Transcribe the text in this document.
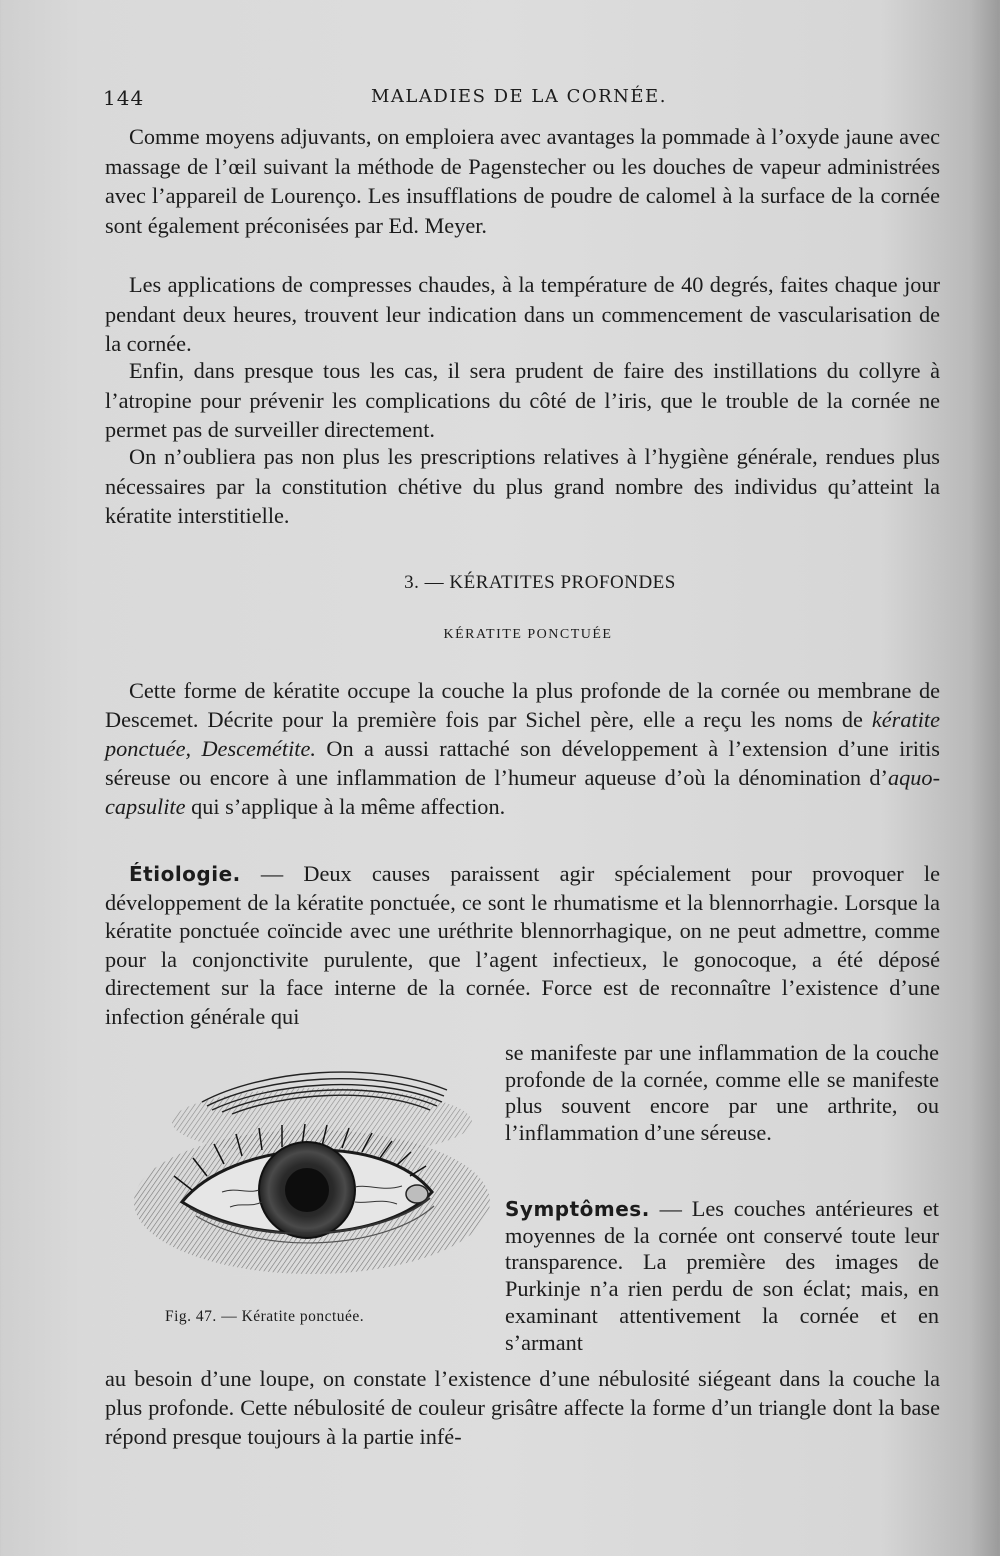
144	MALADIES DE LA CORNÉE.

Comme moyens adjuvants, on emploiera avec avantages la pommade à l’oxyde jaune avec massage de l’œil suivant la méthode de Pagenstecher ou les douches de vapeur administrées avec l’appareil de Lourenço. Les insufflations de poudre de calomel à la surface de la cornée sont également préconisées par Ed. Meyer.

Les applications de compresses chaudes, à la température de 40 degrés, faites chaque jour pendant deux heures, trouvent leur indication dans un commencement de vascularisation de la cornée.

Enfin, dans presque tous les cas, il sera prudent de faire des instillations du collyre à l’atropine pour prévenir les complications du côté de l’iris, que le trouble de la cornée ne permet pas de surveiller directement.

On n’oubliera pas non plus les prescriptions relatives à l’hygiène générale, rendues plus nécessaires par la constitution chétive du plus grand nombre des individus qu’atteint la kératite interstitielle.

3. — KÉRATITES PROFONDES
KÉRATITE PONCTUÉE

Cette forme de kératite occupe la couche la plus profonde de la cornée ou membrane de Descemet. Décrite pour la première fois par Sichel père, elle a reçu les noms de kératite ponctuée, Descemétite. On a aussi rattaché son développement à l’extension d’une iritis séreuse ou encore à une inflammation de l’humeur aqueuse d’où la dénomination d’aquo-capsulite qui s’applique à la même affection.

Étiologie. — Deux causes paraissent agir spécialement pour provoquer le développement de la kératite ponctuée, ce sont le rhumatisme et la blennorrhagie. Lorsque la kératite ponctuée coïncide avec une uréthrite blennorrhagique, on ne peut admettre, comme pour la conjonctivite purulente, que l’agent infectieux, le gonocoque, a été déposé directement sur la face interne de la cornée. Force est de reconnaître l’existence d’une infection générale qui

se manifeste par une inflammation de la couche profonde de la cornée, comme elle se manifeste plus souvent encore par une arthrite, ou l’inflammation d’une séreuse.

Symptômes. — Les couches antérieures et moyennes de la cornée ont conservé toute leur transparence. La première des images de Purkinje n’a rien perdu de son éclat; mais, en examinant attentivement la cornée et en s’armant

au besoin d’une loupe, on constate l’existence d’une nébulosité siégeant dans la couche la plus profonde. Cette nébulosité de couleur grisâtre affecte la forme d’un triangle dont la base répond presque toujours à la partie infé-

Fig. 47. — Kératite ponctuée.
